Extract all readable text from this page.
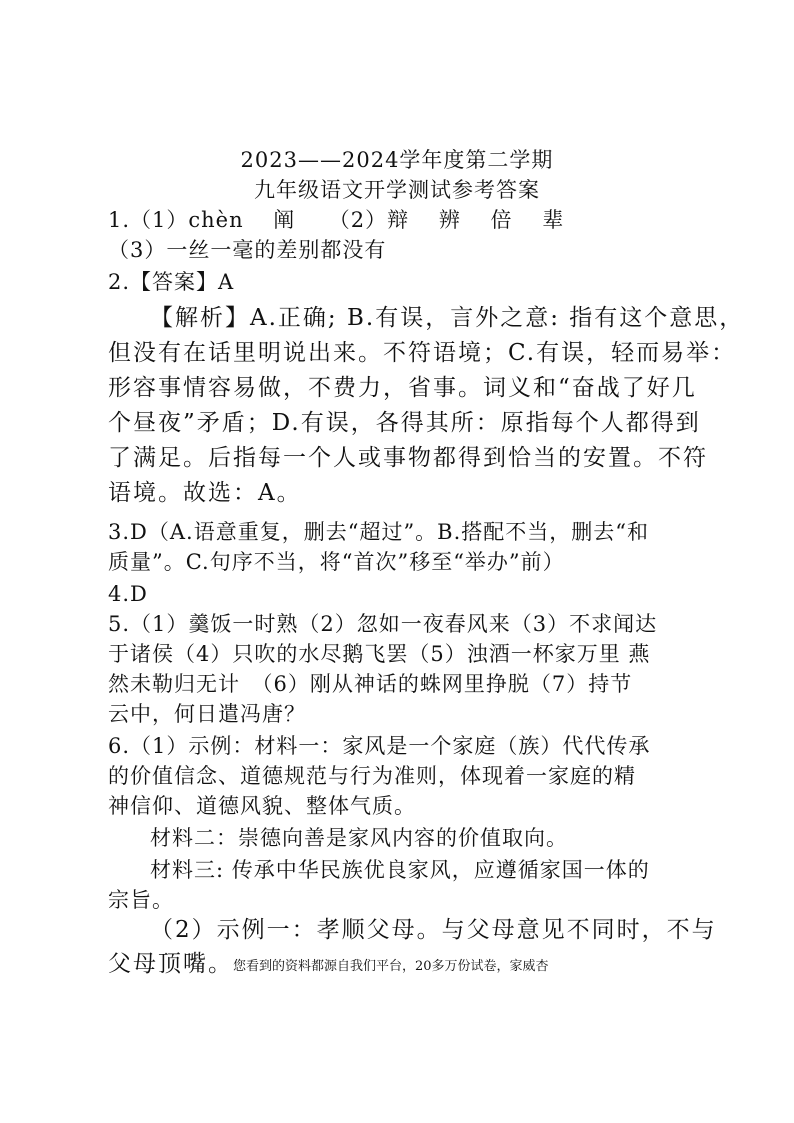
2023——2024学年度第二学期
九年级语文开学测试参考答案
1.（1）chèn　 阐　　（2）辩　 辨　 倍　 辈
（3）一丝一毫的差别都没有
2.【答案】A
【解析】A.正确; B.有误，言外之意: 指有这个意思，
但没有在话里明说出来。不符语境；C.有误，轻而易举：
形容事情容易做，不费力，省事。词义和“奋战了好几
个昼夜”矛盾；D.有误，各得其所：原指每个人都得到
了满足。后指每一个人或事物都得到恰当的安置。不符
语境。故选：A。
3.D（A.语意重复，删去“超过”。B.搭配不当，删去“和
质量”。C.句序不当，将“首次”移至“举办”前）
4.D
5.（1）羹饭一时熟（2）忽如一夜春风来（3）不求闻达
于诸侯（4）只吹的水尽鹅飞罢（5）浊酒一杯家万里 燕
然未勒归无计　（6）刚从神话的蛛网里挣脱（7）持节
云中，何日遣冯唐？
6.（1）示例：材料一：家风是一个家庭（族）代代传承
的价值信念、道德规范与行为准则，体现着一家庭的精
神信仰、道德风貌、整体气质。
材料二：崇德向善是家风内容的价值取向。
材料三: 传承中华民族优良家风，应遵循家国一体的
宗旨。
（2）示例一：孝顺父母。与父母意见不同时，不与
父母顶嘴。您看到的资料都源自我们平台，20多万份试卷，家威杏
